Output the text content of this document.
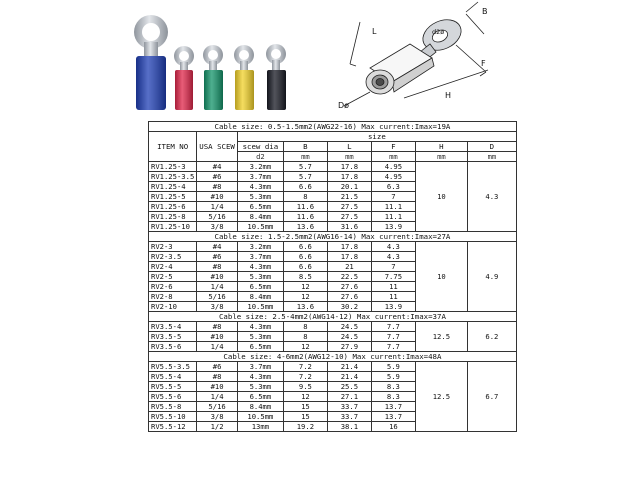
B
L	d2ø
F
H
Dø
Cable size: 0.5-1.5mm2(AWG22-16) Max current:Imax=19A							
ITEM NO	USA SCEW	size					
		scew dia	B	L	F	H	D
		d2	mm	mm	mm	mm	mm
RV1.25-3	#4	3.2mm	5.7	17.8	4.95	10	4.3
RV1.25-3.5	#6	3.7mm	5.7	17.8	4.95		
RV1.25-4	#8	4.3mm	6.6	20.1	6.3		
RV1.25-5	#10	5.3mm	8	21.5	7		
RV1.25-6	1/4	6.5mm	11.6	27.5	11.1		
RV1.25-8	5/16	8.4mm	11.6	27.5	11.1		
RV1.25-10	3/8	10.5mm	13.6	31.6	13.9		
Cable size: 1.5-2.5mm2(AWG16-14) Max current:Imax=27A							
RV2-3	#4	3.2mm	6.6	17.8	4.3	10	4.9
RV2-3.5	#6	3.7mm	6.6	17.8	4.3		
RV2-4	#8	4.3mm	6.6	21	7		
RV2-5	#10	5.3mm	8.5	22.5	7.75		
RV2-6	1/4	6.5mm	12	27.6	11		
RV2-8	5/16	8.4mm	12	27.6	11		
RV2-10	3/8	10.5mm	13.6	30.2	13.9		
Cable size: 2.5-4mm2(AWG14-12) Max current:Imax=37A							
RV3.5-4	#8	4.3mm	8	24.5	7.7	12.5	6.2
RV3.5-5	#10	5.3mm	8	24.5	7.7		
RV3.5-6	1/4	6.5mm	12	27.9	7.7		
Cable size: 4-6mm2(AWG12-10) Max current:Imax=48A							
RV5.5-3.5	#6	3.7mm	7.2	21.4	5.9	12.5	6.7
RV5.5-4	#8	4.3mm	7.2	21.4	5.9		
RV5.5-5	#10	5.3mm	9.5	25.5	8.3		
RV5.5-6	1/4	6.5mm	12	27.1	8.3		
RV5.5-8	5/16	8.4mm	15	33.7	13.7		
RV5.5-10	3/8	10.5mm	15	33.7	13.7		
RV5.5-12	1/2	13mm	19.2	38.1	16		
